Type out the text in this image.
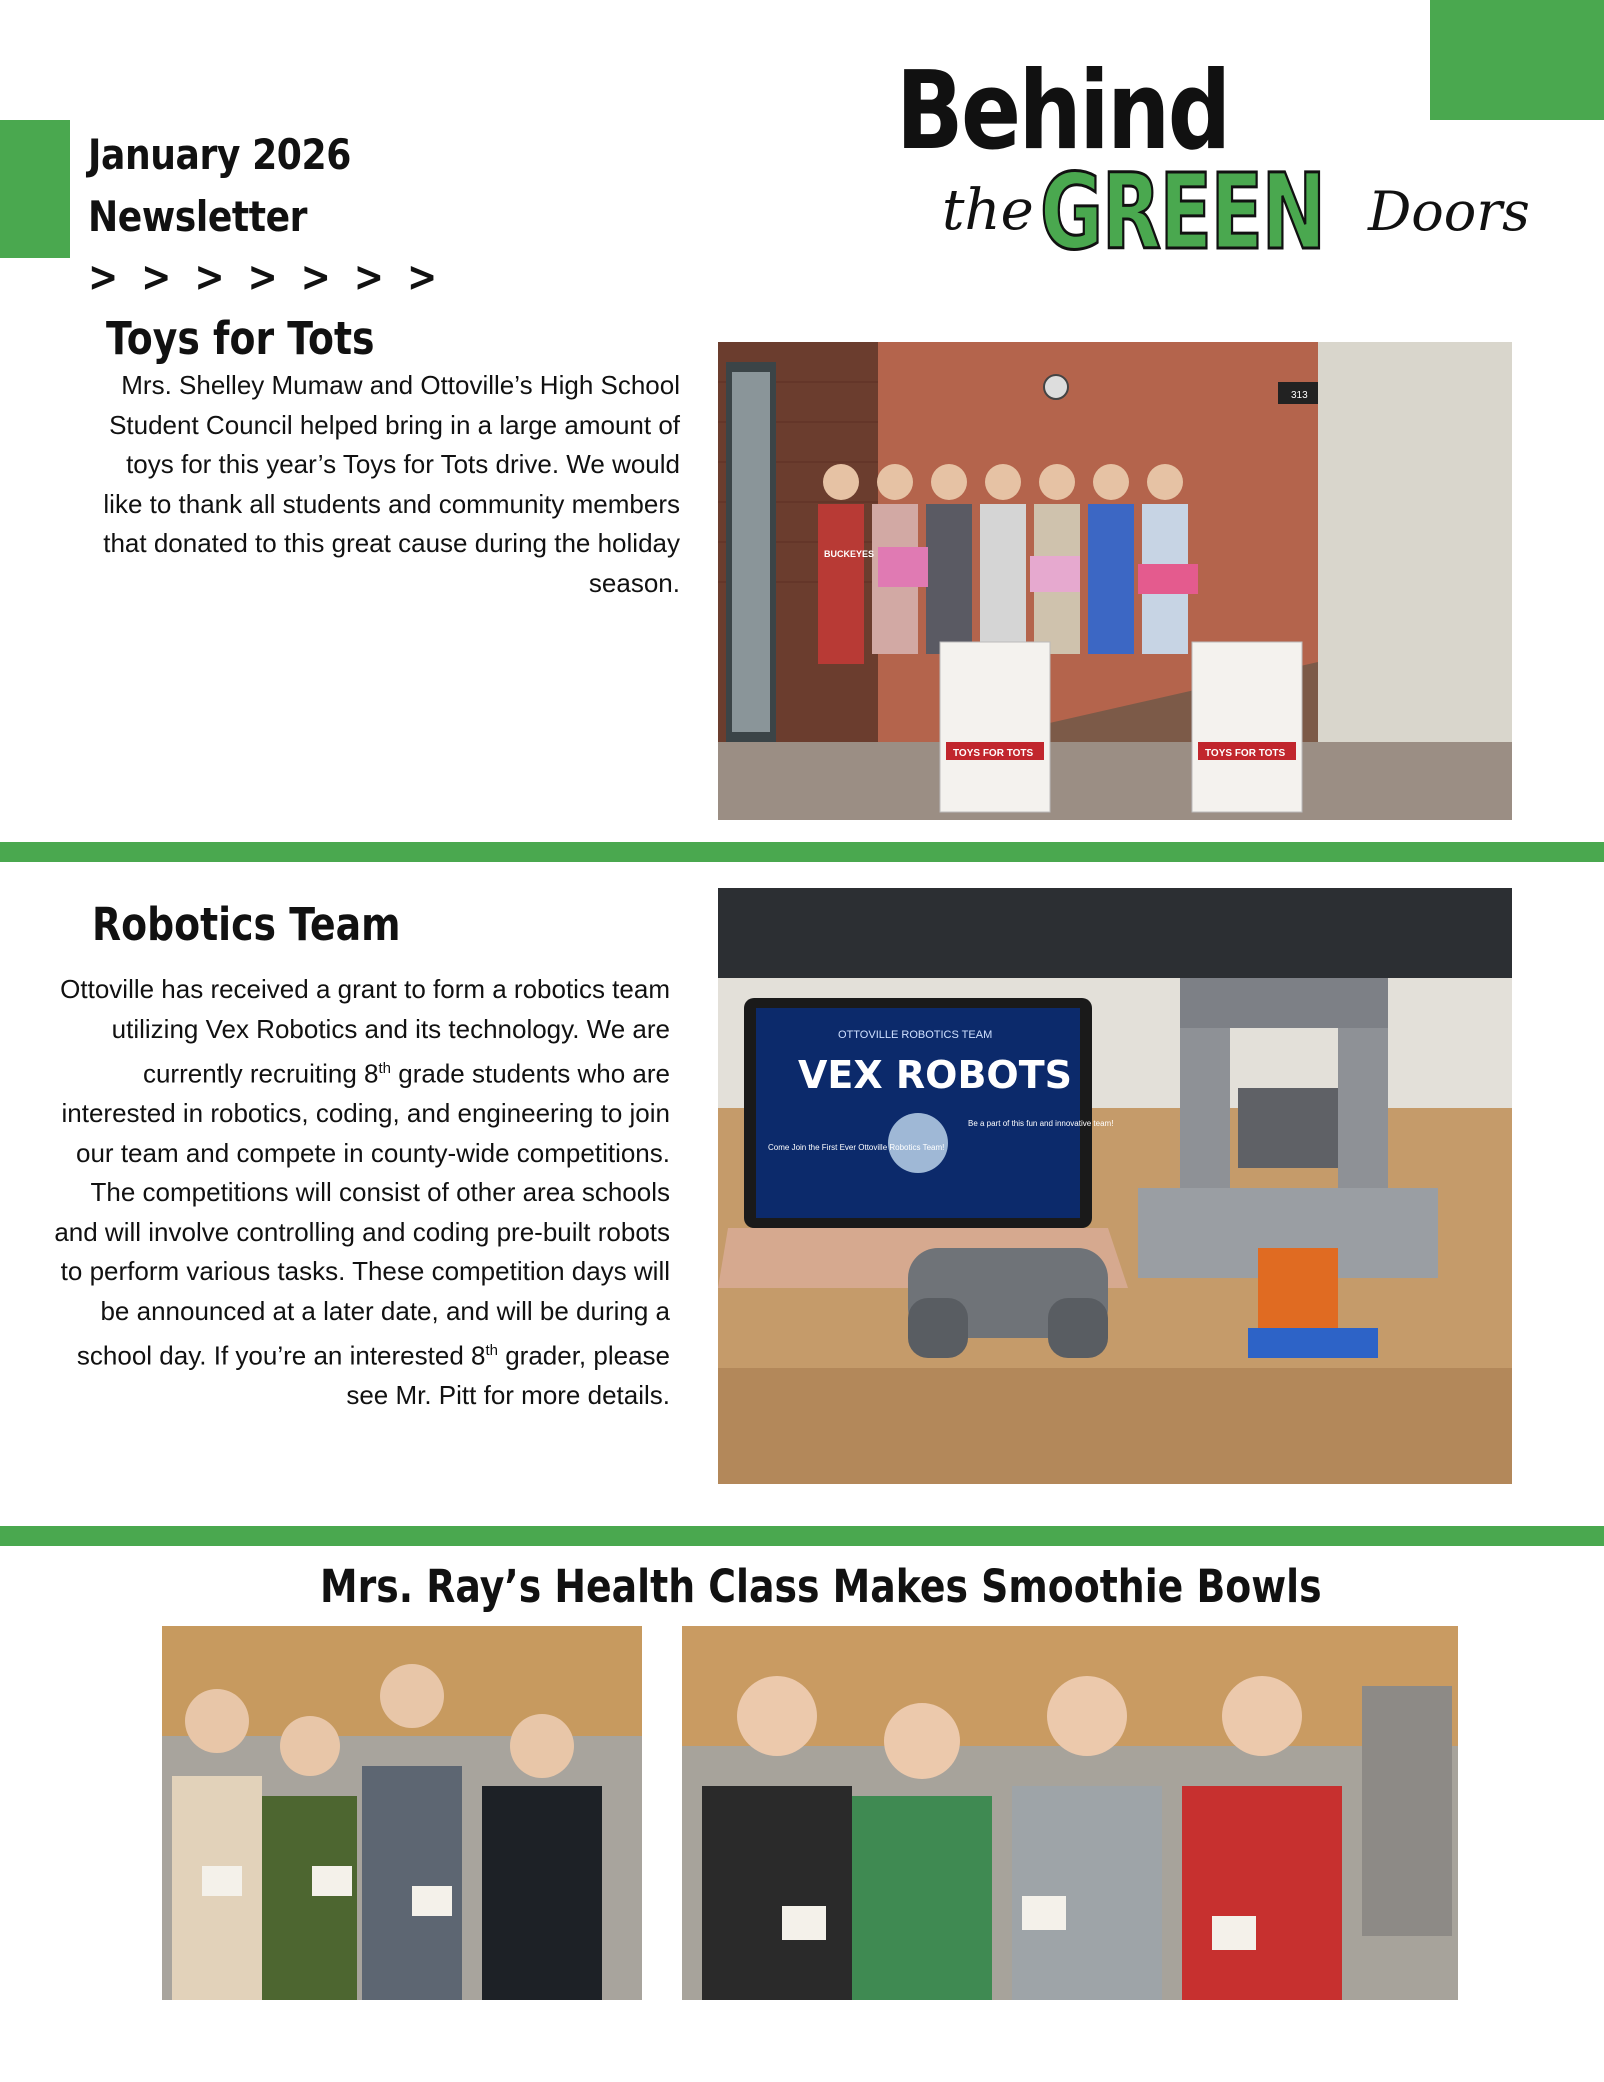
January 2026
Newsletter
> > > > > > >
Behind
the GREEN Doors
Toys for Tots

Mrs. Shelley Mumaw and Ottoville’s High School Student Council helped bring in a large amount of toys for this year’s Toys for Tots drive. We would like to thank all students and community members that donated to this great cause during the holiday season.

313
BUCKEYES
TOYS FOR TOTS	TOYS FOR TOTS
Robotics Team

Ottoville has received a grant to form a robotics team utilizing Vex Robotics and its technology. We are currently recruiting 8th grade students who are interested in robotics, coding, and engineering to join our team and compete in county-wide competitions. The competitions will consist of other area schools and will involve controlling and coding pre-built robots to perform various tasks. These competition days will be announced at a later date, and will be during a school day. If you’re an interested 8th grader, please see Mr. Pitt for more details.

OTTOVILLE ROBOTICS TEAM
VEX ROBOTS
Come Join the First Ever Ottoville Robotics Team!
Be a part of this fun and innovative team!
Mrs. Ray’s Health Class Makes Smoothie Bowls
